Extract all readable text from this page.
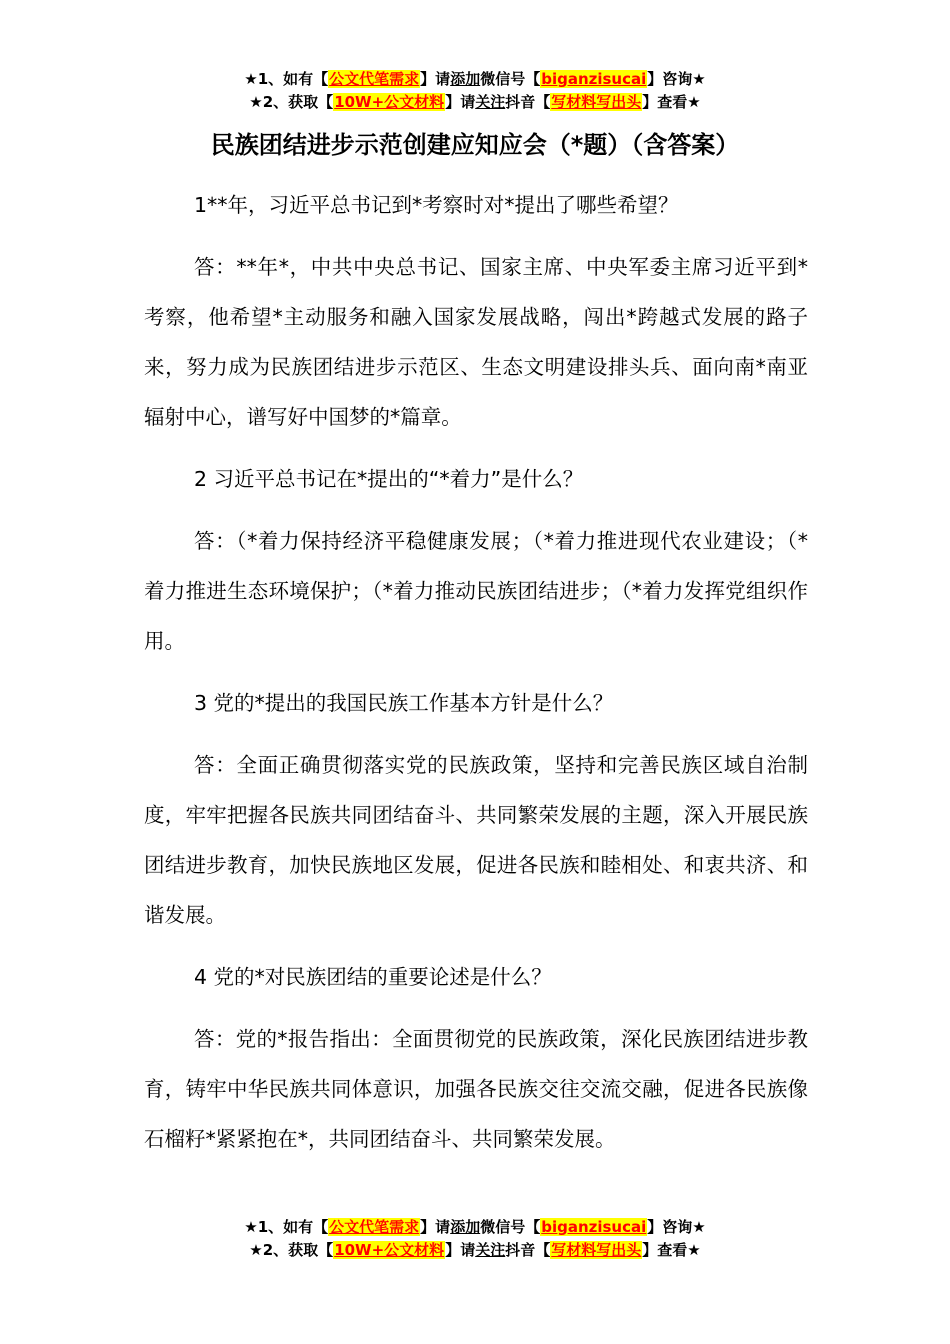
★1、如有【公文代笔需求】请添加微信号【biganzisucai】咨询★
★2、获取【10W+公文材料】请关注抖音【写材料写出头】查看★
民族团结进步示范创建应知应会（*题）（含答案）

1**年，习近平总书记到*考察时对*提出了哪些希望？

答：**年*，中共中央总书记、国家主席、中央军委主席习近平到*考察，他希望*主动服务和融入国家发展战略，闯出*跨越式发展的路子来，努力成为民族团结进步示范区、生态文明建设排头兵、面向南*南亚辐射中心，谱写好中国梦的*篇章。

2 习近平总书记在*提出的“*着力”是什么？

答：（*着力保持经济平稳健康发展；（*着力推进现代农业建设；（*着力推进生态环境保护；（*着力推动民族团结进步；（*着力发挥党组织作用。

3 党的*提出的我国民族工作基本方针是什么？

答：全面正确贯彻落实党的民族政策，坚持和完善民族区域自治制度，牢牢把握各民族共同团结奋斗、共同繁荣发展的主题，深入开展民族团结进步教育，加快民族地区发展，促进各民族和睦相处、和衷共济、和谐发展。

4 党的*对民族团结的重要论述是什么？

答：党的*报告指出：全面贯彻党的民族政策，深化民族团结进步教育，铸牢中华民族共同体意识，加强各民族交往交流交融，促进各民族像石榴籽*紧紧抱在*，共同团结奋斗、共同繁荣发展。

★1、如有【公文代笔需求】请添加微信号【biganzisucai】咨询★
★2、获取【10W+公文材料】请关注抖音【写材料写出头】查看★
